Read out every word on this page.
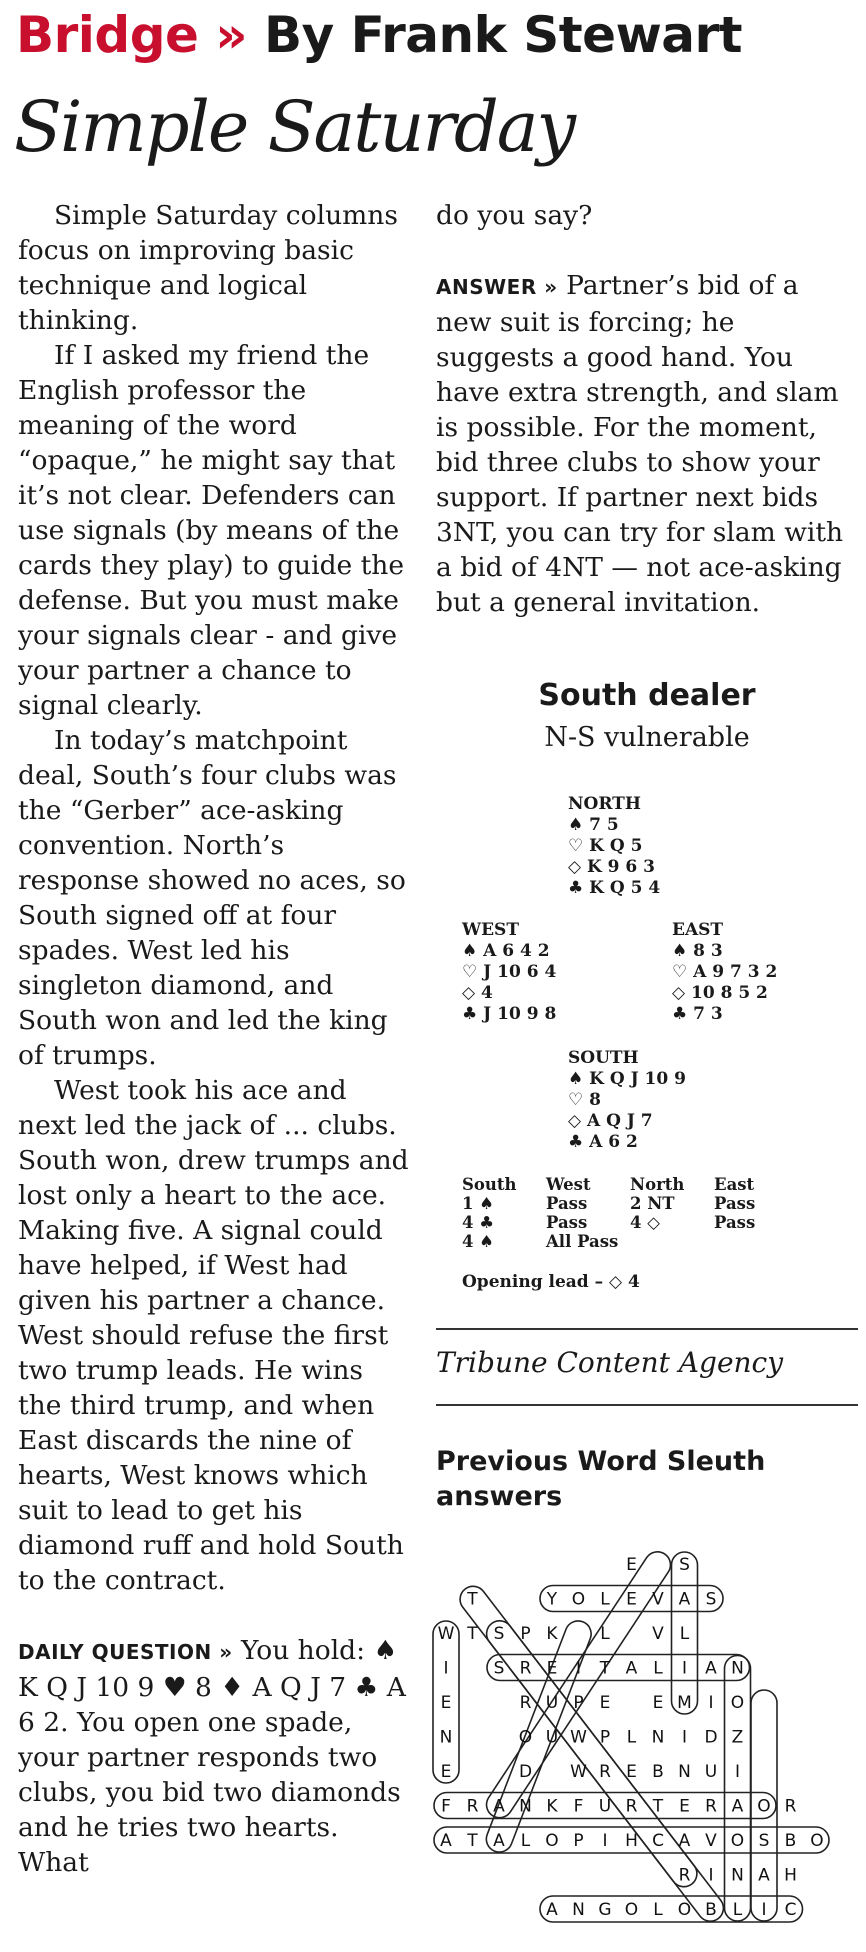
Bridge » By Frank Stewart
Simple Saturday

Simple Saturday columns focus on improving basic technique and logical thinking.

If I asked my friend the English professor the meaning of the word “opaque,” he might say that it’s not clear. Defenders can use signals (by means of the cards they play) to guide the defense. But you must make your signals clear - and give your partner a chance to signal clearly.

In today’s matchpoint deal, South’s four clubs was the “Gerber” ace-asking convention. North’s response showed no aces, so South signed off at four spades. West led his singleton diamond, and South won and led the king of trumps.

West took his ace and next led the jack of ... clubs. South won, drew trumps and lost only a heart to the ace. Making five. A signal could have helped, if West had given his partner a chance. West should refuse the first two trump leads. He wins the third trump, and when East discards the nine of hearts, West knows which suit to lead to get his diamond ruff and hold South to the contract.

DAILY QUESTION » You hold: ♠ K Q J 10 9 ♥ 8 ♦ A Q J 7 ♣ A 6 2. You open one spade, your partner responds two clubs, you bid two diamonds and he tries two hearts. What

do you say?

ANSWER » Partner’s bid of a new suit is forcing; he suggests a good hand. You have extra strength, and slam is possible. For the moment, bid three clubs to show your support. If partner next bids 3NT, you can try for slam with a bid of 4NT — not ace-asking but a general invitation.

South dealer
N-S vulnerable
NORTH
♠ 7 5
♡ K Q 5
◇ K 9 6 3
♣ K Q 5 4
WEST
♠ A 6 4 2
♡ J 10 6 4
◇ 4
♣ J 10 9 8
EAST
♠ 8 3
♡ A 9 7 3 2
◇ 10 8 5 2
♣ 7 3
SOUTH
♠ K Q J 10 9
♡ 8
◇ A Q J 7
♣ A 6 2
South	West	North	East
1 ♠	Pass	2 NT	Pass
4 ♣	Pass	4 ◇	Pass
4 ♠	All Pass		
Opening lead – ◇ 4
Tribune Content Agency
Previous Word Sleuth answers
E S
T	Y O L E V A S
W T S P K	L V L
I	S R E I T A L I A N
E	R U P E E M I O
N	O U W P L N I D Z
E	D W R E B N U I
F R A N K F U R T E R A O R
A T A L O P I H C A V O S B O
R I N A H
A N G O L O B L I C
